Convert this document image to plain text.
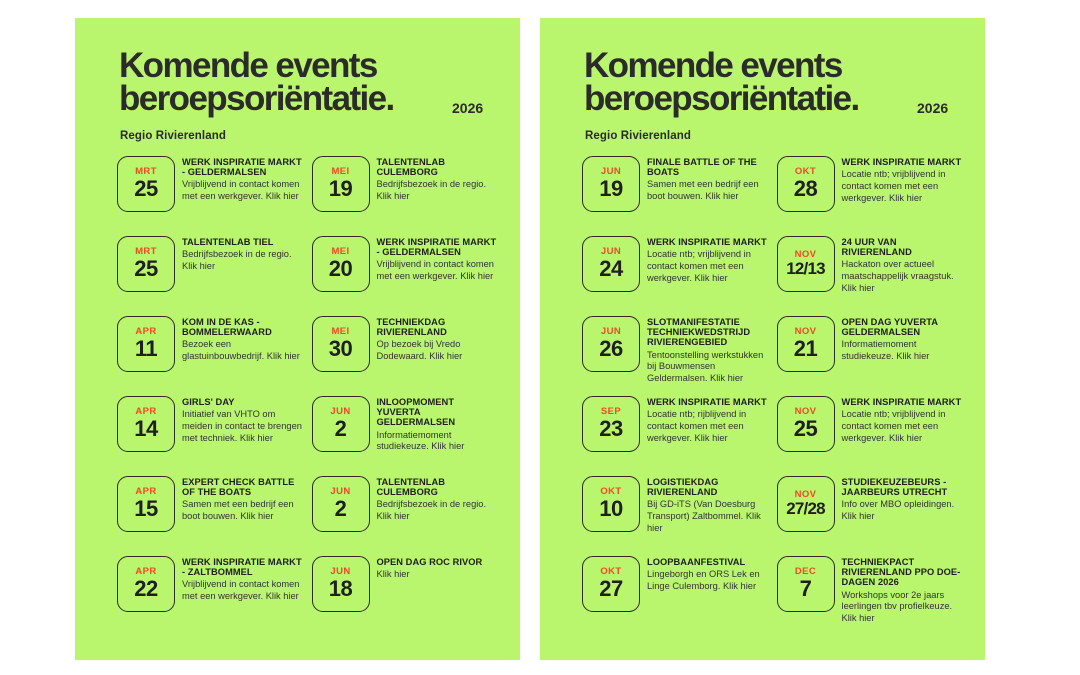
Komende events
beroepsoriëntatie.	2026
Regio Rivierenland
MRT
25
WERK INSPIRATIE MARKT - GELDERMALSEN
Vrijblijvend in contact komen met een werkgever. Klik hier
MRT
25
TALENTENLAB TIEL
Bedrijfsbezoek in de regio. Klik hier
APR
11
KOM IN DE KAS - BOMMELERWAARD
Bezoek een glastuinbouwbedrijf. Klik hier
APR
14
GIRLS' DAY
Initiatief van VHTO om meiden in contact te brengen met techniek. Klik hier
APR
15
EXPERT CHECK BATTLE OF THE BOATS
Samen met een bedrijf een boot bouwen. Klik hier
APR
22
WERK INSPIRATIE MARKT - ZALTBOMMEL
Vrijblijvend in contact komen met een werkgever. Klik hier
MEI
19
TALENTENLAB CULEMBORG
Bedrijfsbezoek in de regio. Klik hier
MEI
20
WERK INSPIRATIE MARKT - GELDERMALSEN
Vrijblijvend in contact komen met een werkgever. Klik hier
MEI
30
TECHNIEKDAG RIVIERENLAND
Op bezoek bij Vredo Dodewaard. Klik hier
JUN
2
INLOOPMOMENT YUVERTA GELDERMALSEN
Informatiemoment studiekeuze. Klik hier
JUN
2
TALENTENLAB CULEMBORG
Bedrijfsbezoek in de regio. Klik hier
JUN
18
OPEN DAG ROC RIVOR
Klik hier
Komende events
beroepsoriëntatie.	2026
Regio Rivierenland
JUN
19
FINALE BATTLE OF THE BOATS
Samen met een bedrijf een boot bouwen. Klik hier
JUN
24
WERK INSPIRATIE MARKT
Locatie ntb; vrijblijvend in contact komen met een werkgever. Klik hier
JUN
26
SLOTMANIFESTATIE TECHNIEKWEDSTRIJD RIVIERENGEBIED
Tentoonstelling werkstukken bij Bouwmensen Geldermalsen. Klik hier
SEP
23
WERK INSPIRATIE MARKT
Locatie ntb; rijblijvend in contact komen met een werkgever. Klik hier
OKT
10
LOGISTIEKDAG RIVIERENLAND
Bij GD-iTS (Van Doesburg Transport) Zaltbommel. Klik hier
OKT
27
LOOPBAANFESTIVAL
Lingeborgh en ORS Lek en Linge Culemborg. Klik hier
OKT
28
WERK INSPIRATIE MARKT
Locatie ntb; vrijblijvend in contact komen met een werkgever. Klik hier
NOV
12/13
24 UUR VAN RIVIERENLAND
Hackaton over actueel maatschappelijk vraagstuk. Klik hier
NOV
21
OPEN DAG YUVERTA GELDERMALSEN
Informatiemoment studiekeuze. Klik hier
NOV
25
WERK INSPIRATIE MARKT
Locatie ntb; vrijblijvend in contact komen met een werkgever. Klik hier
NOV
27/28
STUDIEKEUZEBEURS - JAARBEURS UTRECHT
Info over MBO opleidingen. Klik hier
DEC
7
TECHNIEKPACT RIVIERENLAND PPO DOE-DAGEN 2026
Workshops voor 2e jaars leerlingen tbv profielkeuze. Klik hier
